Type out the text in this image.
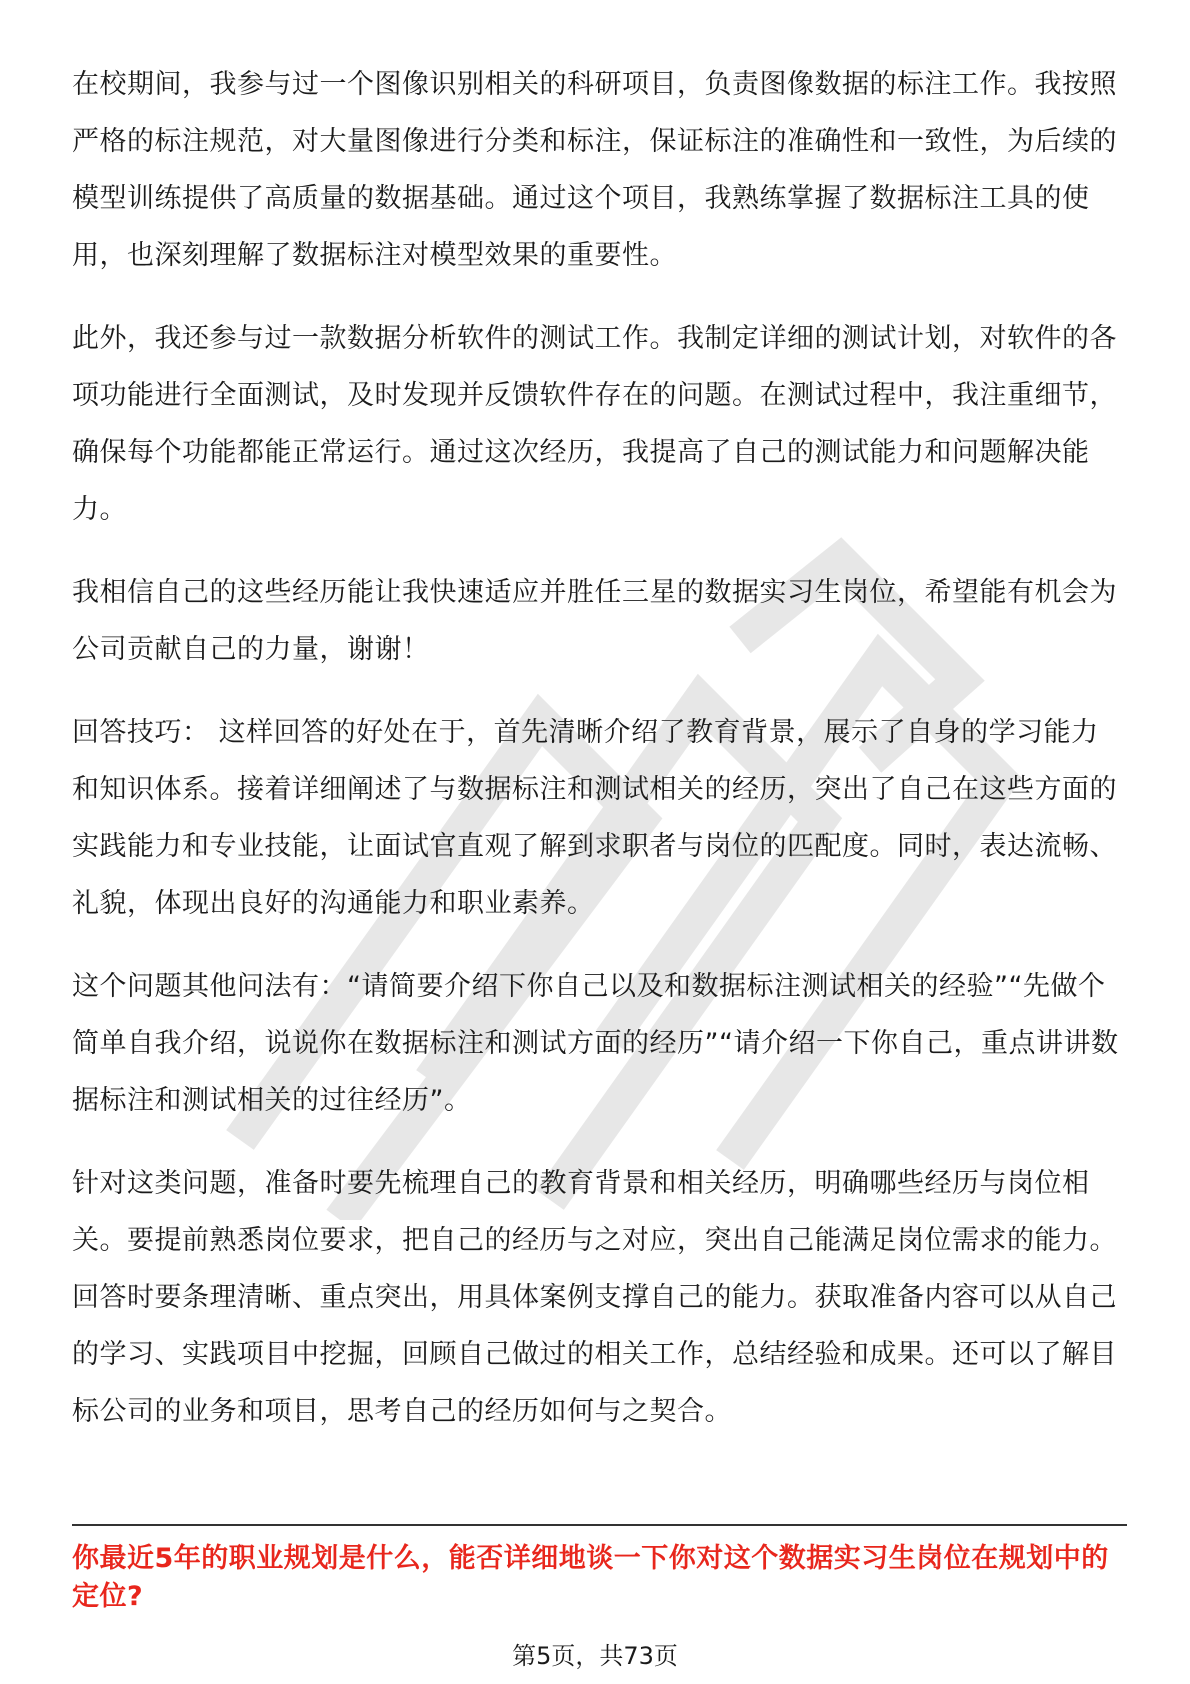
在校期间，我参与过一个图像识别相关的科研项目，负责图像数据的标注工作。我按照严格的标注规范，对大量图像进行分类和标注，保证标注的准确性和一致性，为后续的模型训练提供了高质量的数据基础。通过这个项目，我熟练掌握了数据标注工具的使用，也深刻理解了数据标注对模型效果的重要性。

此外，我还参与过一款数据分析软件的测试工作。我制定详细的测试计划，对软件的各项功能进行全面测试，及时发现并反馈软件存在的问题。在测试过程中，我注重细节，确保每个功能都能正常运行。通过这次经历，我提高了自己的测试能力和问题解决能力。

我相信自己的这些经历能让我快速适应并胜任三星的数据实习生岗位，希望能有机会为公司贡献自己的力量，谢谢！

回答技巧： 这样回答的好处在于，首先清晰介绍了教育背景，展示了自身的学习能力和知识体系。接着详细阐述了与数据标注和测试相关的经历，突出了自己在这些方面的实践能力和专业技能，让面试官直观了解到求职者与岗位的匹配度。同时，表达流畅、礼貌，体现出良好的沟通能力和职业素养。

这个问题其他问法有：“请简要介绍下你自己以及和数据标注测试相关的经验”“先做个简单自我介绍，说说你在数据标注和测试方面的经历”“请介绍一下你自己，重点讲讲数据标注和测试相关的过往经历”。

针对这类问题，准备时要先梳理自己的教育背景和相关经历，明确哪些经历与岗位相关。要提前熟悉岗位要求，把自己的经历与之对应，突出自己能满足岗位需求的能力。回答时要条理清晰、重点突出，用具体案例支撑自己的能力。获取准备内容可以从自己的学习、实践项目中挖掘，回顾自己做过的相关工作，总结经验和成果。还可以了解目标公司的业务和项目，思考自己的经历如何与之契合。

你最近5年的职业规划是什么，能否详细地谈一下你对这个数据实习生岗位在规划中的定位?

第5页，共73页
